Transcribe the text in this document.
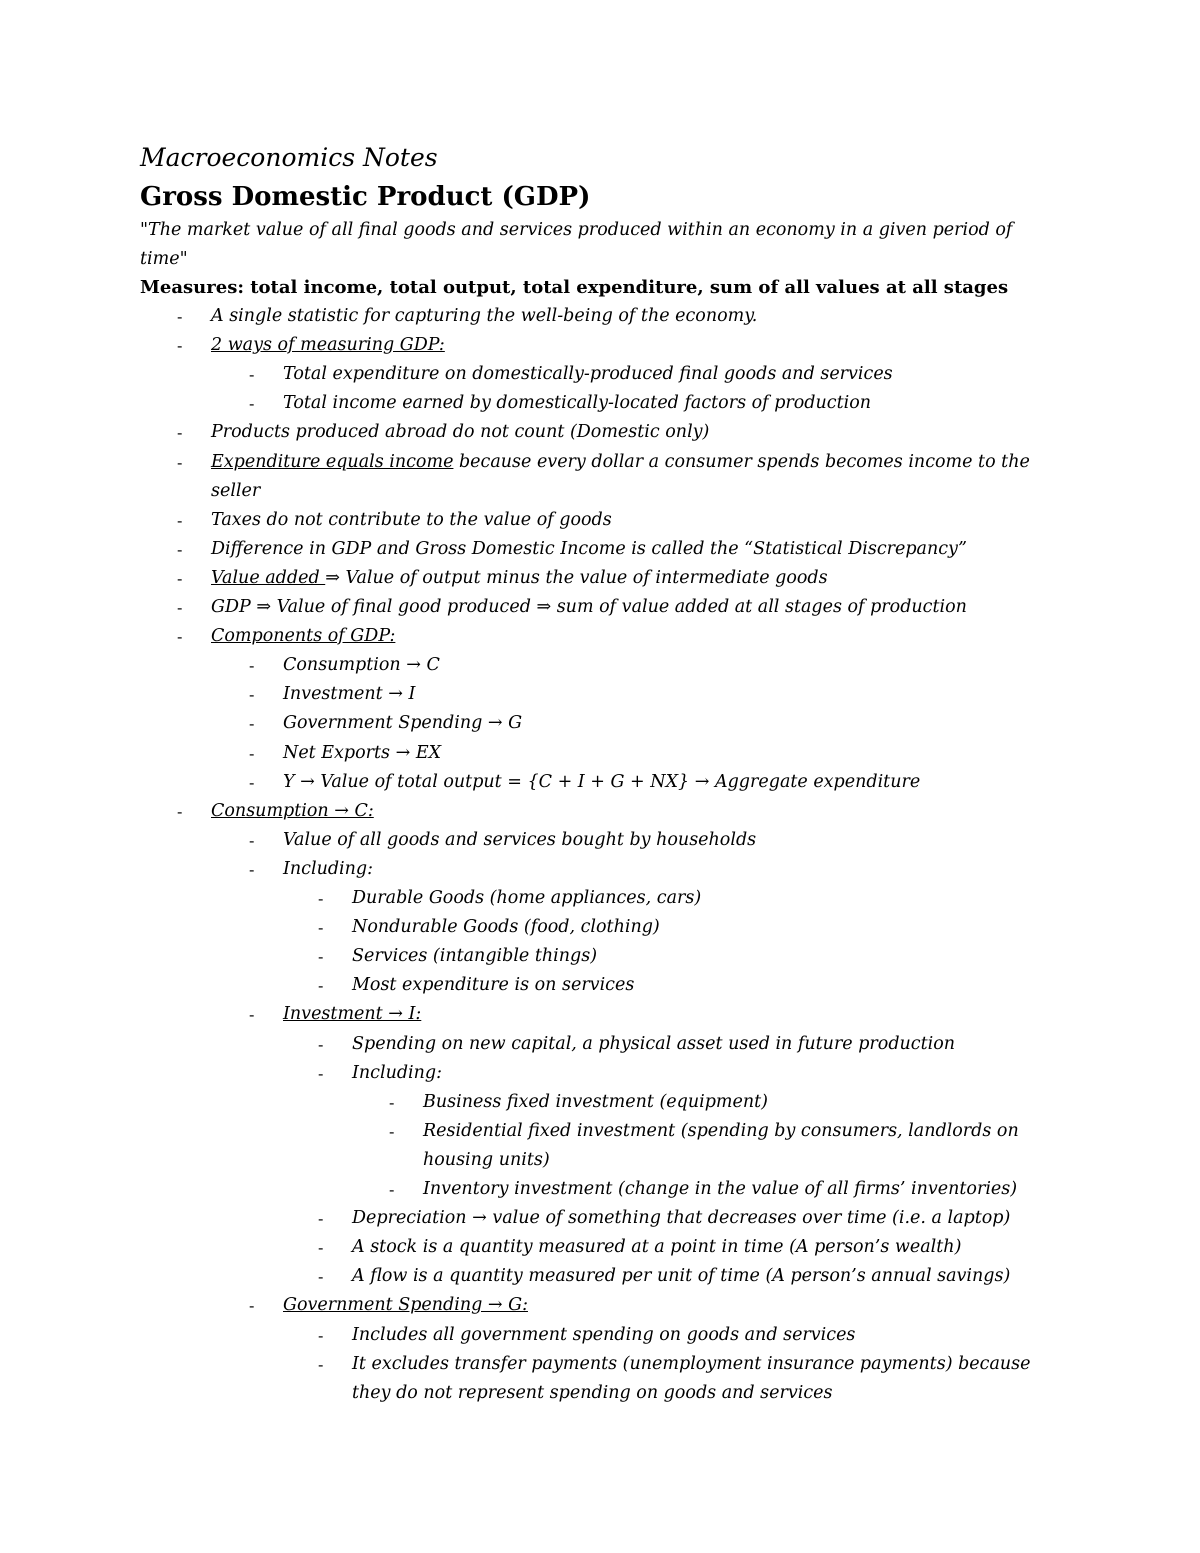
Macroeconomics Notes
Gross Domestic Product (GDP)
"The market value of all final goods and services produced within an economy in a given period of time"
Measures: total income, total output, total expenditure, sum of all values at all stages
- A single statistic for capturing the well-being of the economy.
- 2 ways of measuring GDP:
- Total expenditure on domestically-produced final goods and services
- Total income earned by domestically-located factors of production
- Products produced abroad do not count (Domestic only)
- Expenditure equals income because every dollar a consumer spends becomes income to the seller
- Taxes do not contribute to the value of goods
- Difference in GDP and Gross Domestic Income is called the “Statistical Discrepancy”
- Value added ⇒ Value of output minus the value of intermediate goods
- GDP ⇒ Value of final good produced ⇒ sum of value added at all stages of production
- Components of GDP:
- Consumption → C
- Investment → I
- Government Spending → G
- Net Exports → EX
- Y → Value of total output = {C + I + G + NX} → Aggregate expenditure
- Consumption → C:
- Value of all goods and services bought by households
- Including:
- Durable Goods (home appliances, cars)
- Nondurable Goods (food, clothing)
- Services (intangible things)
- Most expenditure is on services
- Investment → I:
- Spending on new capital, a physical asset used in future production
- Including:
- Business fixed investment (equipment)
- Residential fixed investment (spending by consumers, landlords on housing units)
- Inventory investment (change in the value of all firms’ inventories)
- Depreciation → value of something that decreases over time (i.e. a laptop)
- A stock is a quantity measured at a point in time (A person’s wealth)
- A flow is a quantity measured per unit of time (A person’s annual savings)
- Government Spending → G:
- Includes all government spending on goods and services
- It excludes transfer payments (unemployment insurance payments) because they do not represent spending on goods and services
